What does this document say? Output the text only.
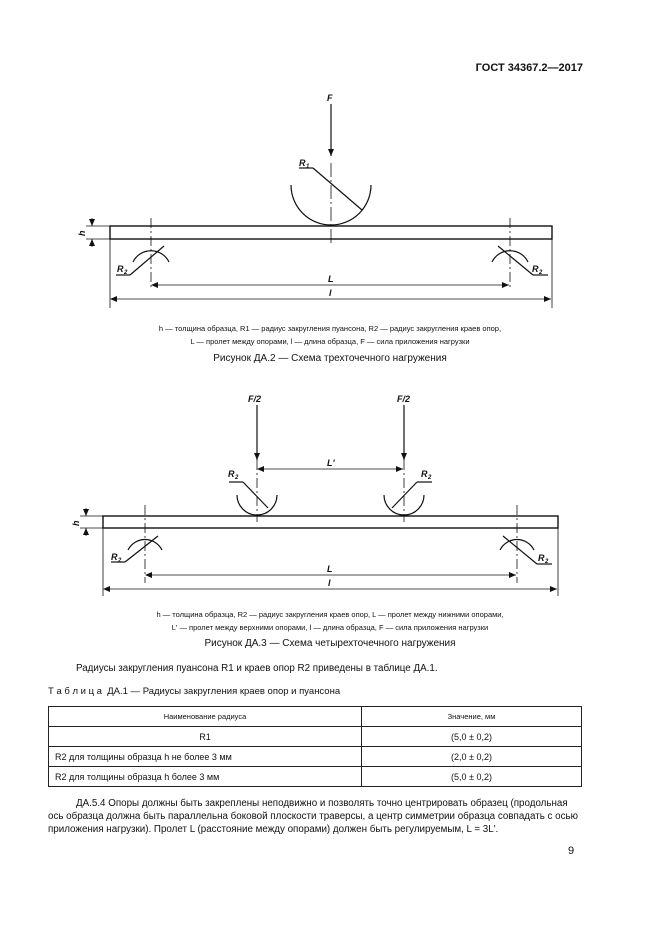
ГОСТ 34367.2—2017
F
R 1
h
R 2	R 2
L
l
h — толщина образца, R1 — радиус закругления пуансона, R2 — радиус закругления краев опор,
L — пролет между опорами, l — длина образца, F — сила приложения нагрузки
Рисунок ДА.2 — Схема трехточечного нагружения
F/2	F/2
L'
R 2	R 2
h
R 2	R 2
L
l
h — толщина образца, R2 — радиус закругления краев опор, L — пролет между нижними опорами,
L' — пролет между верхними опорами, l — длина образца, F — сила приложения нагрузки
Рисунок ДА.3 — Схема четырехточечного нагружения
Радиусы закругления пуансона R1 и краев опор R2 приведены в таблице ДА.1.
Т а б л и ц а  ДА.1 — Радиусы закругления краев опор и пуансона
Наименование радиуса	Значение, мм
R1	(5,0 ± 0,2)
R2 для толщины образца h не более 3 мм	(2,0 ± 0,2)
R2 для толщины образца h более 3 мм	(5,0 ± 0,2)
ДА.5.4 Опоры должны быть закреплены неподвижно и позволять точно центрировать образец (продольная
ось образца должна быть параллельна боковой плоскости траверсы, а центр симметрии образца совпадать с осью
приложения нагрузки). Пролет L (расстояние между опорами) должен быть регулируемым, L = 3L'.
9
